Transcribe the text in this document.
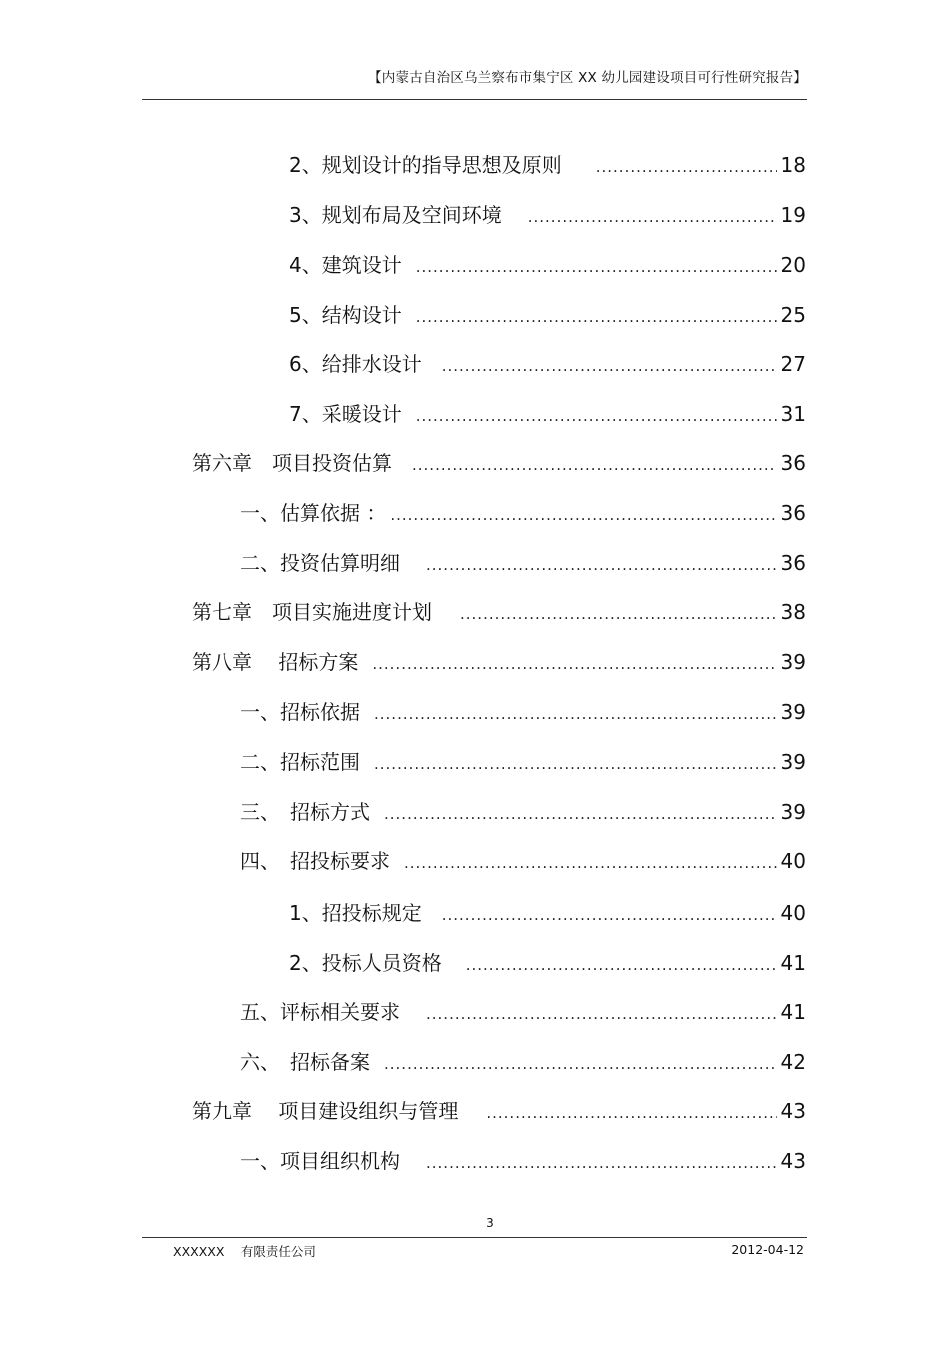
【内蒙古自治区乌兰察布市集宁区 XX 幼儿园建设项目可行性研究报告】
2、规划设计的指导思想及原则 .....	18
3、规划布局及空间环境 .....	19
4、建筑设计 .....	20
5、结构设计 .....	25
6、给排水设计 .....	27
7、采暖设计 .....	31
第六章　项目投资估算 .....	36
一、估算依据 ： .....	36
二、投资估算明细 .....	36
第七章　项目实施进度计划 .....	38
第八章　 招标方案 .....	39
一、招标依据 .....	39
二、招标范围 .....	39
三、　招标方式 .....	39
四、　招投标要求 .....	40
1、招投标规定 .....	40
2、投标人员资格 .....	41
五、评标相关要求 .....	41
六、　招标备案 .....	42
第九章　 项目建设组织与管理 .....	43
一、项目组织机构 .....	43
3
XXXXXX　 有限责任公司	2012-04-12
